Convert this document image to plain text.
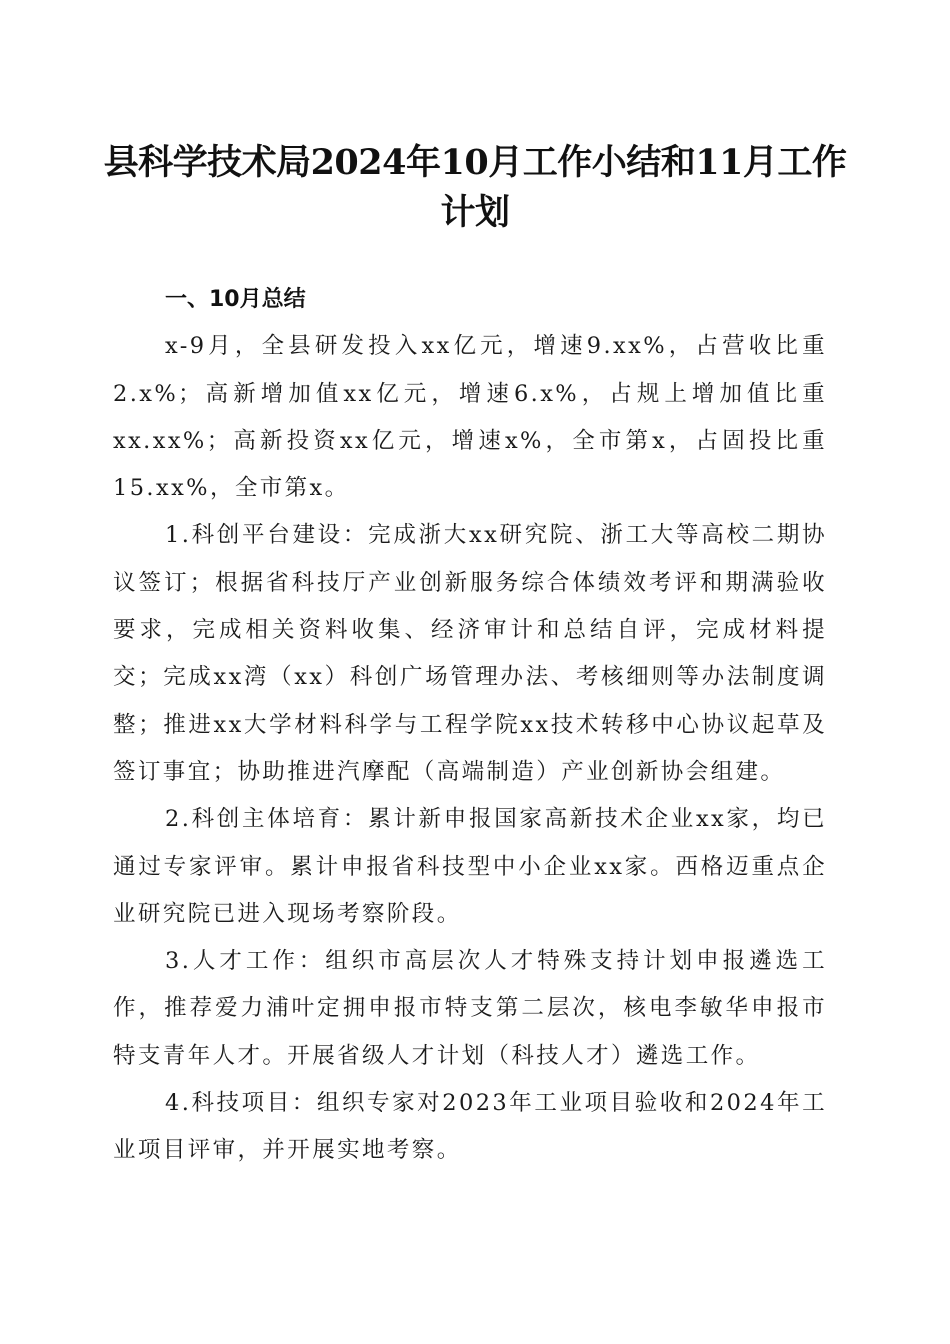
县科学技术局2024年10月工作小结和11月工作计划

一、10月总结

x-9月，全县研发投入xx亿元，增速9.xx%，占营收比重2.x%；高新增加值xx亿元，增速6.x%，占规上增加值比重xx.xx%；高新投资xx亿元，增速x%，全市第x，占固投比重15.xx%，全市第x。

1.科创平台建设：完成浙大xx研究院、浙工大等高校二期协议签订；根据省科技厅产业创新服务综合体绩效考评和期满验收要求，完成相关资料收集、经济审计和总结自评，完成材料提交；完成xx湾（xx）科创广场管理办法、考核细则等办法制度调整；推进xx大学材料科学与工程学院xx技术转移中心协议起草及签订事宜；协助推进汽摩配（高端制造）产业创新协会组建。

2.科创主体培育：累计新申报国家高新技术企业xx家，均已通过专家评审。累计申报省科技型中小企业xx家。西格迈重点企业研究院已进入现场考察阶段。

3.人才工作：组织市高层次人才特殊支持计划申报遴选工作，推荐爱力浦叶定拥申报市特支第二层次，核电李敏华申报市特支青年人才。开展省级人才计划（科技人才）遴选工作。

4.科技项目：组织专家对2023年工业项目验收和2024年工业项目评审，并开展实地考察。
